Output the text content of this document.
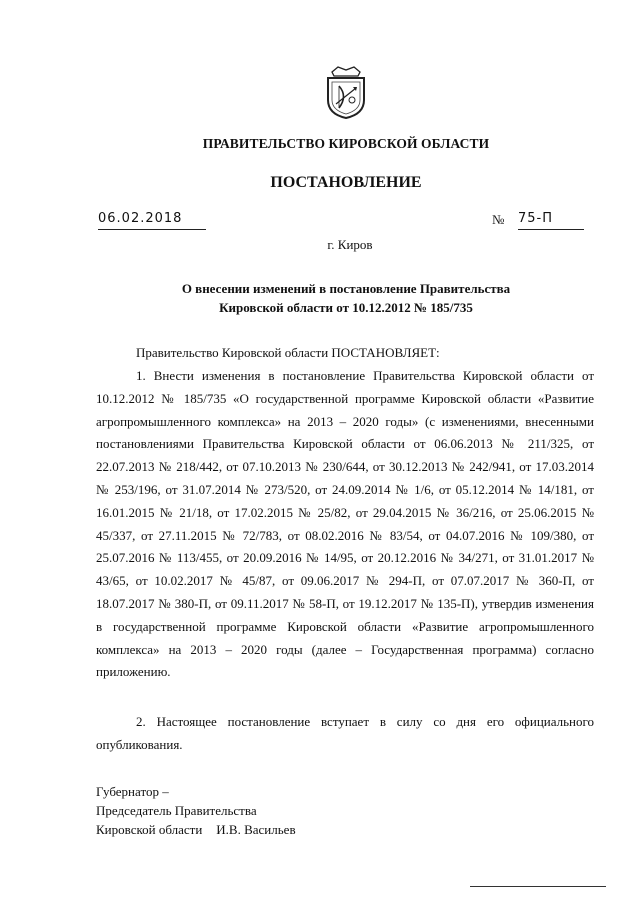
ПРАВИТЕЛЬСТВО КИРОВСКОЙ ОБЛАСТИ
ПОСТАНОВЛЕНИЕ
06.02.2018	№ 75-П
г. Киров
О внесении изменений в постановление Правительства
Кировской области от 10.12.2012 № 185/735
Правительство Кировской области ПОСТАНОВЛЯЕТ:
1. Внести изменения в постановление Правительства Кировской области от 10.12.2012 № 185/735 «О государственной программе Кировской области «Развитие агропромышленного комплекса» на 2013 – 2020 годы» (с изменениями, внесенными постановлениями Правительства Кировской области от 06.06.2013 № 211/325, от 22.07.2013 № 218/442, от 07.10.2013 № 230/644, от 30.12.2013 № 242/941, от 17.03.2014 № 253/196, от 31.07.2014 № 273/520, от 24.09.2014 № 1/6, от 05.12.2014 № 14/181, от 16.01.2015 № 21/18, от 17.02.2015 № 25/82, от 29.04.2015 № 36/216, от 25.06.2015 № 45/337, от 27.11.2015 № 72/783, от 08.02.2016 № 83/54, от 04.07.2016 № 109/380, от 25.07.2016 № 113/455, от 20.09.2016 № 14/95, от 20.12.2016 № 34/271, от 31.01.2017 № 43/65, от 10.02.2017 № 45/87, от 09.06.2017 № 294-П, от 07.07.2017 № 360-П, от 18.07.2017 № 380-П, от 09.11.2017 № 58-П, от 19.12.2017 № 135-П), утвердив изменения в государственной программе Кировской области «Развитие агропромышленного комплекса» на 2013 – 2020 годы (далее – Государственная программа) согласно приложению.
2. Настоящее постановление вступает в силу со дня его официального опубликования.
Губернатор –
Председатель Правительства
Кировской области И.В. Васильев
